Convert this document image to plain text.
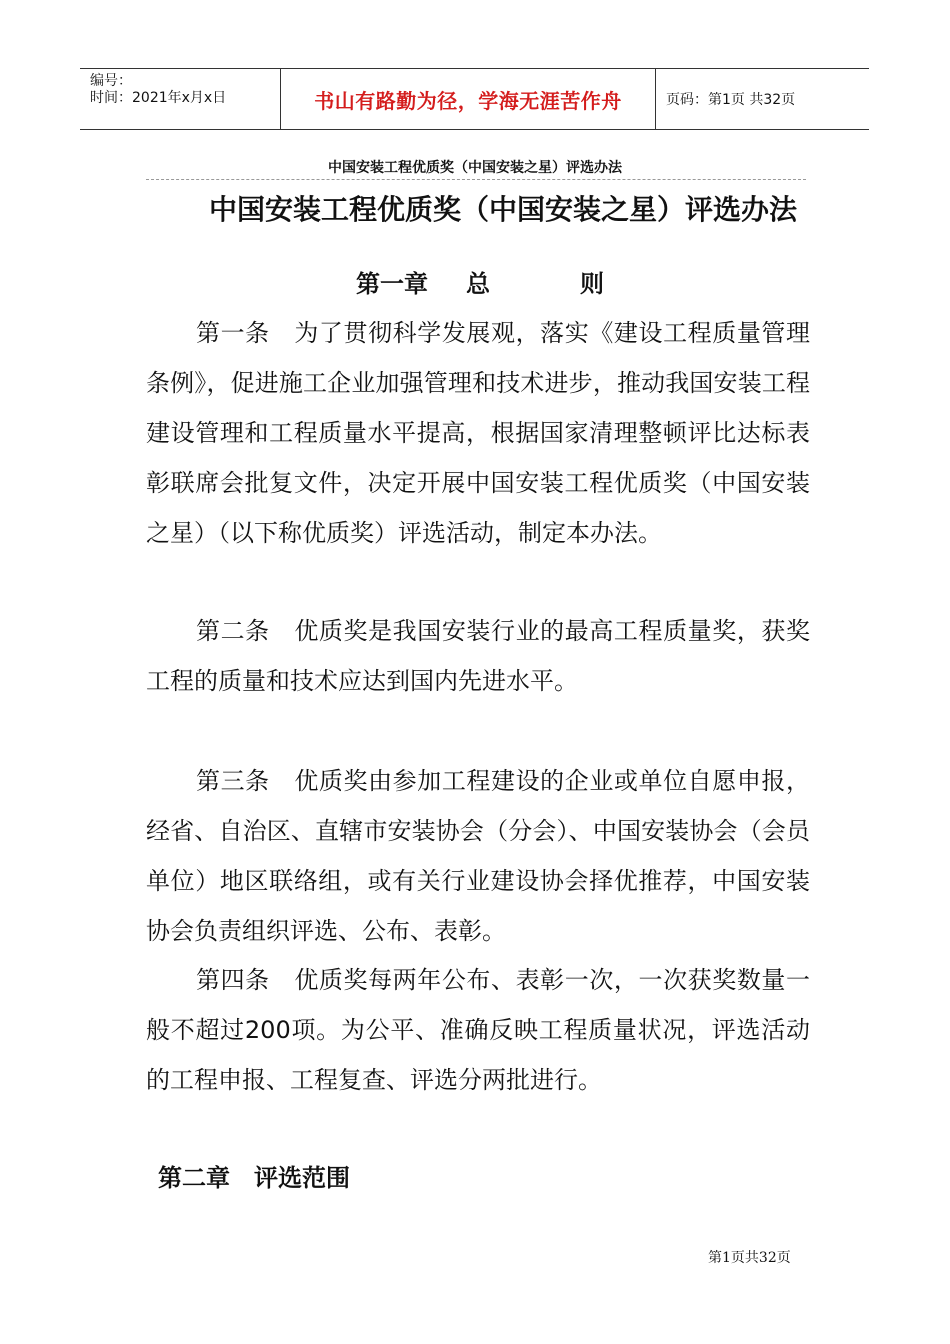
编号：
时间：2021年x月x日	书山有路勤为径，学海无涯苦作舟	页码：第1页 共32页
中国安装工程优质奖（中国安装之星）评选办法
中国安装工程优质奖（中国安装之星）评选办法
第一章 总	则
第一条　为了贯彻科学发展观，落实《建设工程质量管理条例》，促进施工企业加强管理和技术进步，推动我国安装工程建设管理和工程质量水平提高，根据国家清理整顿评比达标表彰联席会批复文件，决定开展中国安装工程优质奖（中国安装之星）（以下称优质奖）评选活动，制定本办法。
第二条　优质奖是我国安装行业的最高工程质量奖，获奖工程的质量和技术应达到国内先进水平。
第三条　优质奖由参加工程建设的企业或单位自愿申报，经省、自治区、直辖市安装协会（分会）、中国安装协会（会员单位）地区联络组，或有关行业建设协会择优推荐，中国安装协会负责组织评选、公布、表彰。
第四条　优质奖每两年公布、表彰一次，一次获奖数量一般不超过200项。为公平、准确反映工程质量状况，评选活动的工程申报、工程复查、评选分两批进行。
第二章　评选范围
第1页共32页
